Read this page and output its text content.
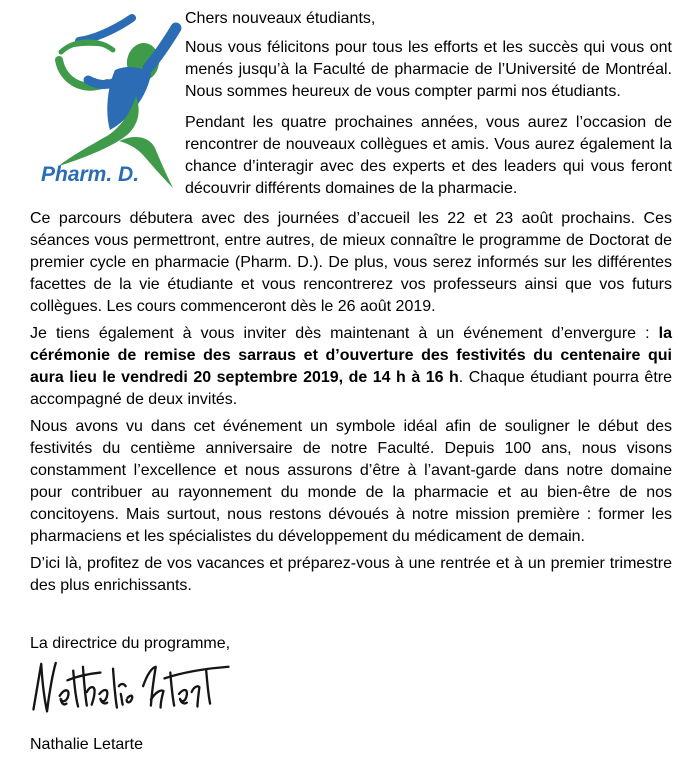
Pharm. D.

Chers nouveaux étudiants,

Nous vous félicitons pour tous les efforts et les succès qui vous ont menés jusqu’à la Faculté de pharmacie de l’Université de Montréal. Nous sommes heureux de vous compter parmi nos étudiants.

Pendant les quatre prochaines années, vous aurez l’occasion de rencontrer de nouveaux collègues et amis. Vous aurez également la chance d’interagir avec des experts et des leaders qui vous feront découvrir différents domaines de la pharmacie.

Ce parcours débutera avec des journées d’accueil les 22 et 23 août prochains. Ces séances vous permettront, entre autres, de mieux connaître le programme de Doctorat de premier cycle en pharmacie (Pharm. D.). De plus, vous serez informés sur les différentes facettes de la vie étudiante et vous rencontrerez vos professeurs ainsi que vos futurs collègues. Les cours commenceront dès le 26 août 2019.

Je tiens également à vous inviter dès maintenant à un événement d’envergure : la cérémonie de remise des sarraus et d’ouverture des festivités du centenaire qui aura lieu le vendredi 20 septembre 2019, de 14 h à 16 h. Chaque étudiant pourra être accompagné de deux invités.

Nous avons vu dans cet événement un symbole idéal afin de souligner le début des festivités du centième anniversaire de notre Faculté. Depuis 100 ans, nous visons constamment l’excellence et nous assurons d’être à l’avant-garde dans notre domaine pour contribuer au rayonnement du monde de la pharmacie et au bien-être de nos concitoyens. Mais surtout, nous restons dévoués à notre mission première : former les pharmaciens et les spécialistes du développement du médicament de demain.

D’ici là, profitez de vos vacances et préparez-vous à une rentrée et à un premier trimestre des plus enrichissants.

La directrice du programme,

Nathalie Letarte
